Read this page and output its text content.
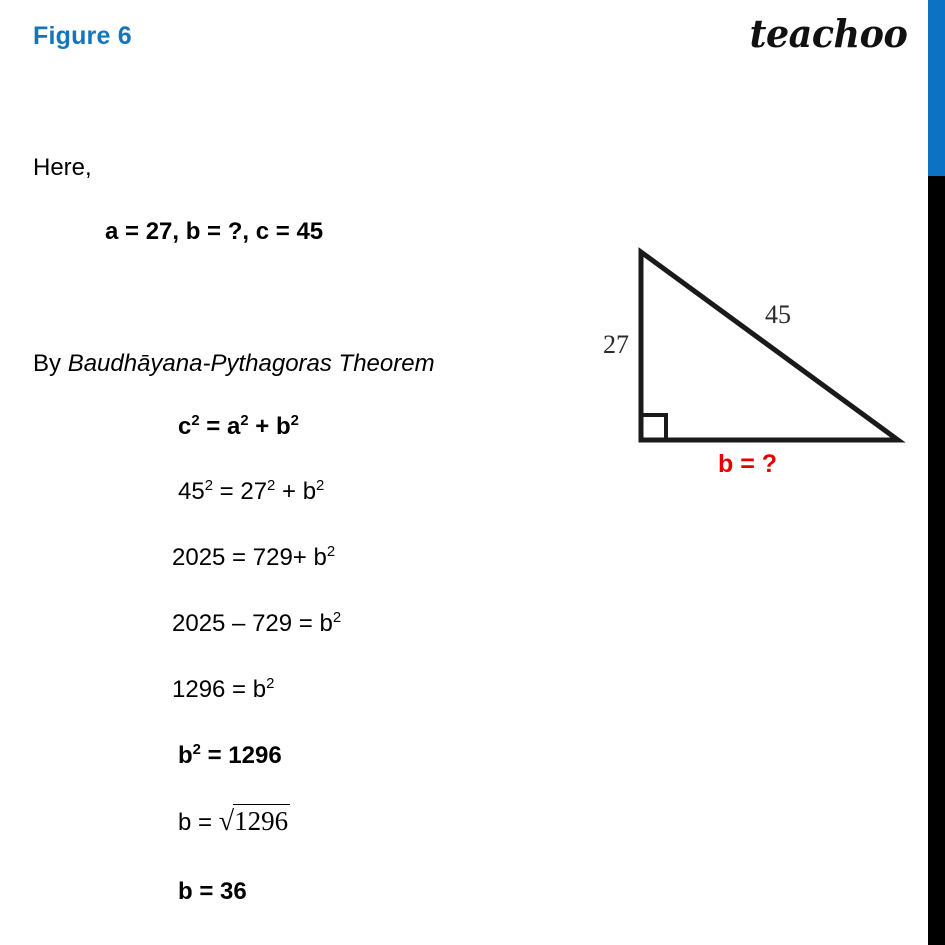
Figure 6	teachoo
Here,
a = 27, b = ?, c = 45
By Baudhāyana-Pythagoras Theorem
$c^2 = a^2 + b^2$
$45^2 = 27^2 + b^2$
$2025 = 729+ b^2$
$2025 - 729 = b^2$
$1296 = b^2$
$b^2 = 1296$
b = √1296
b = 36
27
45
b = ?
